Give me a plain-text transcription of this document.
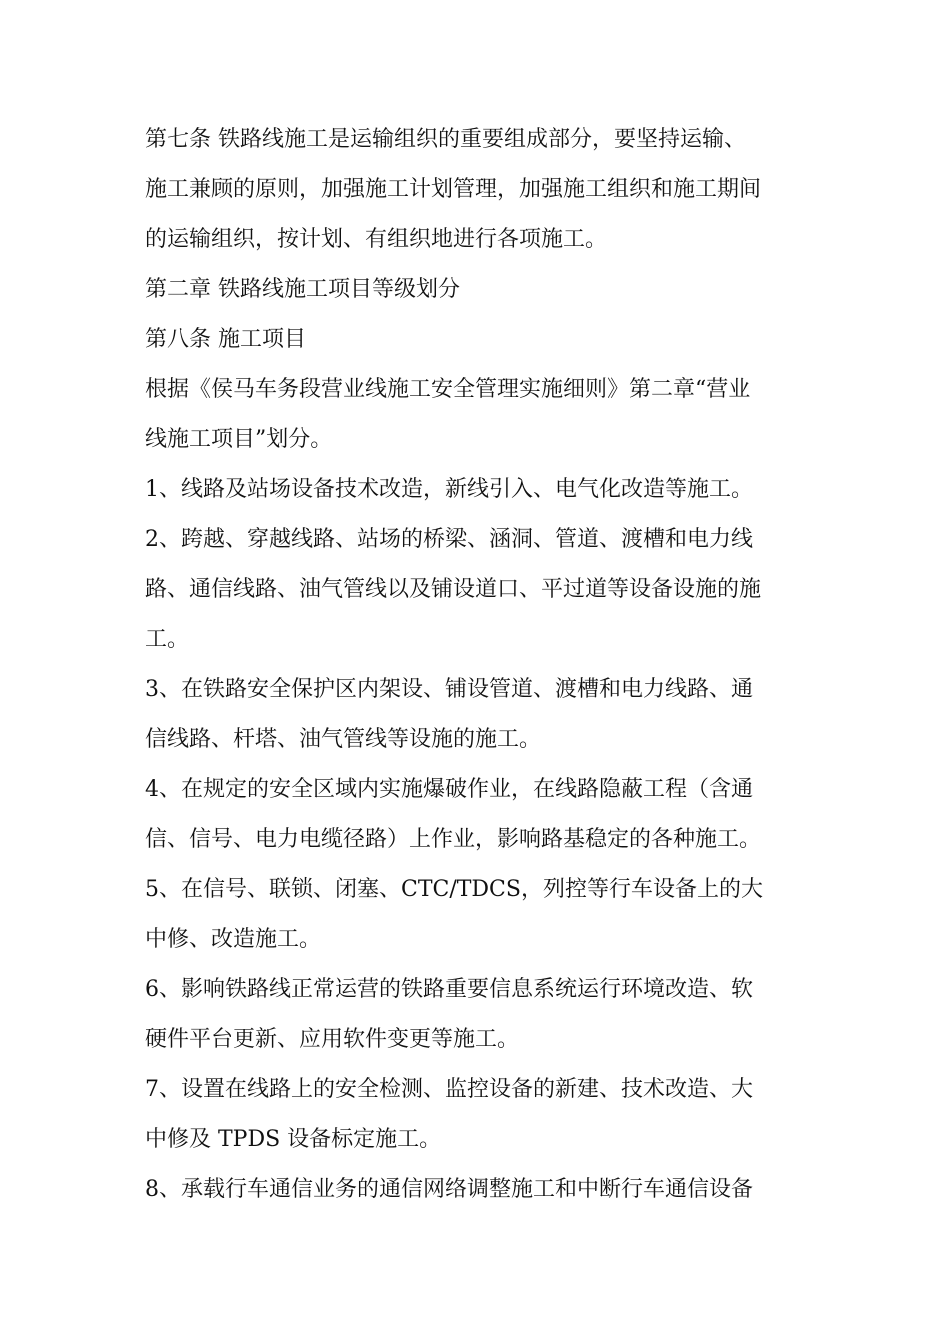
第七条 铁路线施工是运输组织的重要组成部分，要坚持运输、
施工兼顾的原则，加强施工计划管理，加强施工组织和施工期间
的运输组织，按计划、有组织地进行各项施工。
第二章 铁路线施工项目等级划分
第八条 施工项目
根据《侯马车务段营业线施工安全管理实施细则》第二章“营业
线施工项目”划分。
1、线路及站场设备技术改造，新线引入、电气化改造等施工。
2、跨越、穿越线路、站场的桥梁、涵洞、管道、渡槽和电力线
路、通信线路、油气管线以及铺设道口、平过道等设备设施的施
工。
3、在铁路安全保护区内架设、铺设管道、渡槽和电力线路、通
信线路、杆塔、油气管线等设施的施工。
4、在规定的安全区域内实施爆破作业，在线路隐蔽工程（含通
信、信号、电力电缆径路）上作业，影响路基稳定的各种施工。
5、在信号、联锁、闭塞、CTC/TDCS，列控等行车设备上的大
中修、改造施工。
6、影响铁路线正常运营的铁路重要信息系统运行环境改造、软
硬件平台更新、应用软件变更等施工。
7、设置在线路上的安全检测、监控设备的新建、技术改造、大
中修及 TPDS 设备标定施工。
8、承载行车通信业务的通信网络调整施工和中断行车通信设备
